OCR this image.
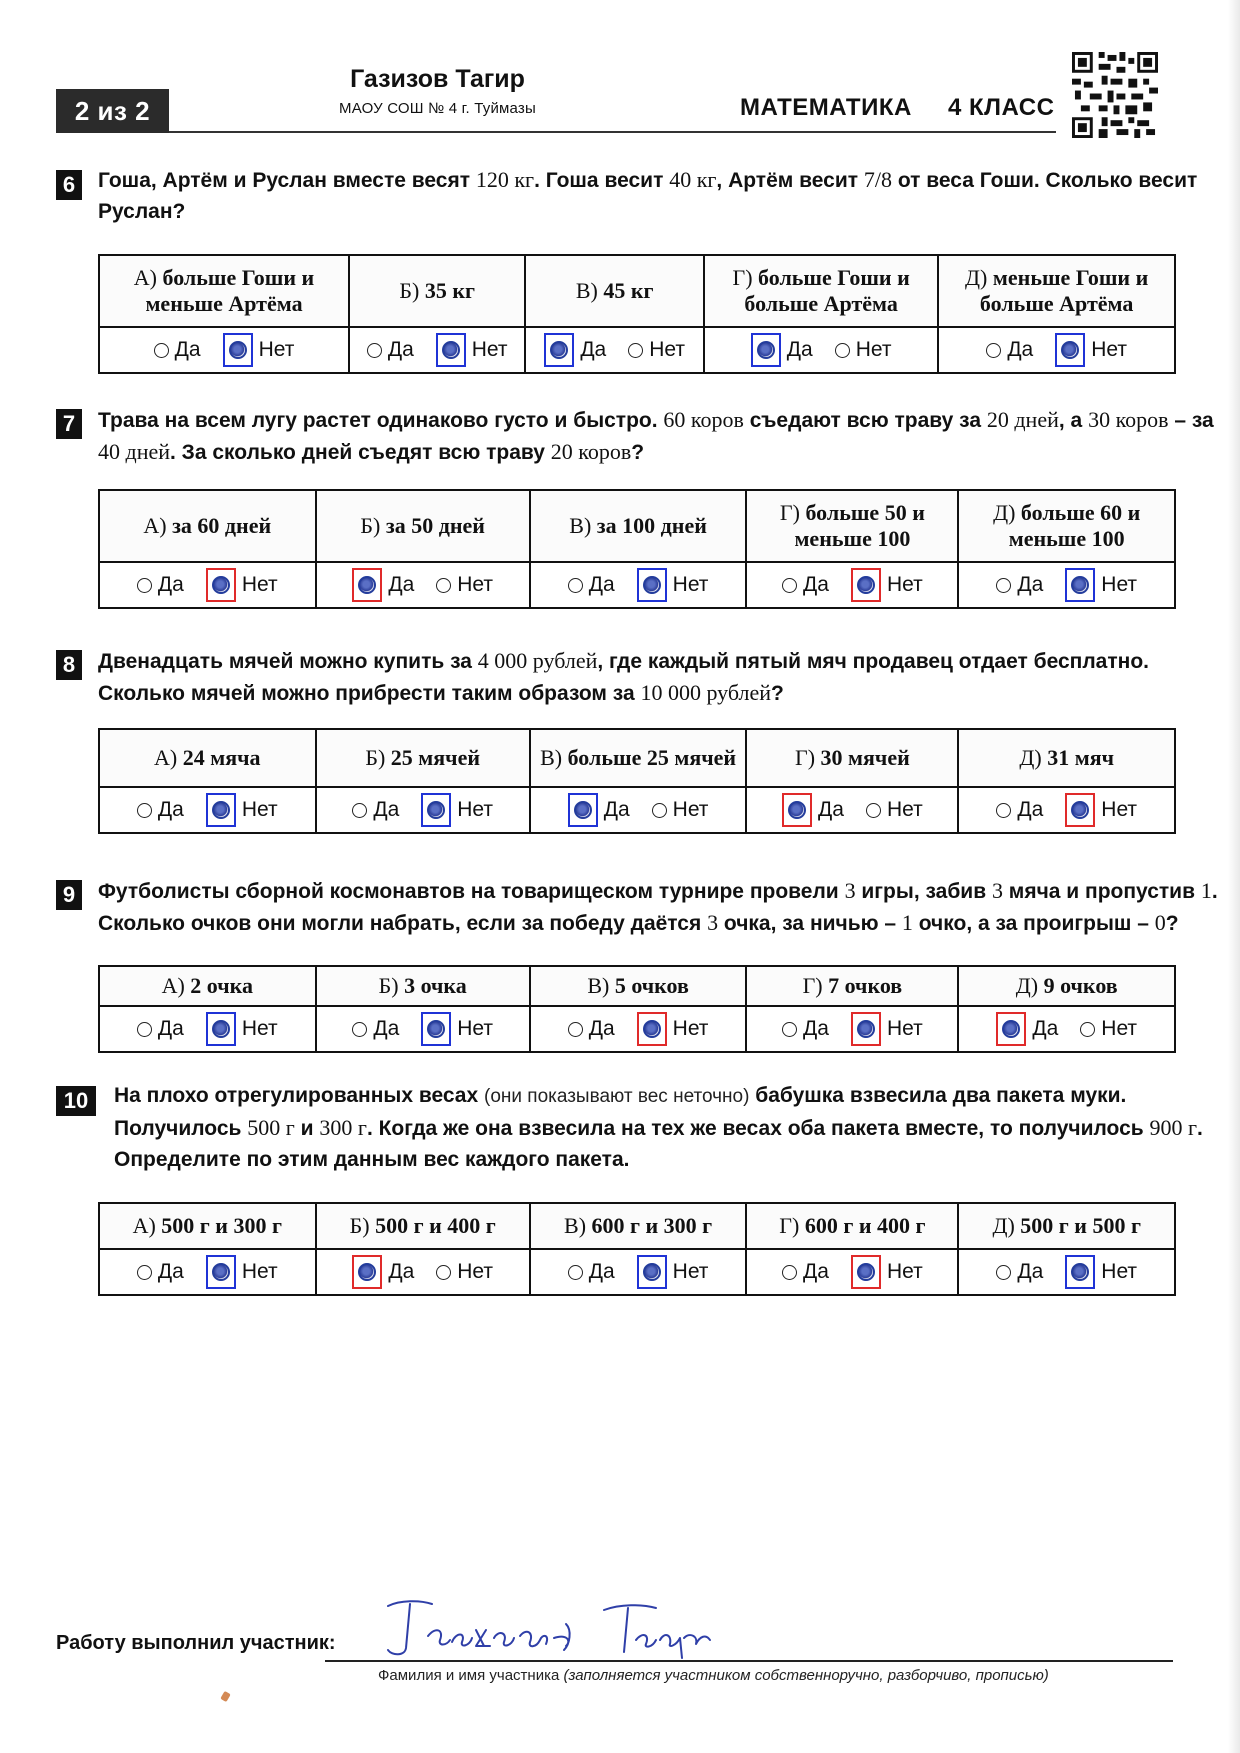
2 из 2
Газизов Тагир
МАОУ СОШ № 4 г. Туймазы	МАТЕМАТИКА 4 КЛАСС
6	Гоша, Артём и Руслан вместе весят 120 кг. Гоша весит 40 кг, Артём весит 7/8 от веса Гоши. Сколько весит Руслан?
А) больше Гоши и меньше Артёма	Б) 35 кг	В) 45 кг	Г) больше Гоши и больше Артёма	Д) меньше Гоши и больше Артёма

Да Нет	Да Нет	Да Нет	Да Нет	Да Нет
7	Трава на всем лугу растет одинаково густо и быстро. 60 коров съедают всю траву за 20 дней, а 30 коров – за 40 дней. За сколько дней съедят всю траву 20 коров?
А) за 60 дней	Б) за 50 дней	В) за 100 дней	Г) больше 50 и меньше 100	Д) больше 60 и меньше 100

Да Нет	Да Нет	Да Нет	Да Нет	Да Нет
8	Двенадцать мячей можно купить за 4 000 рублей, где каждый пятый мяч продавец отдает бесплатно. Сколько мячей можно прибрести таким образом за 10 000 рублей?
А) 24 мяча	Б) 25 мячей	В) больше 25 мячей	Г) 30 мячей	Д) 31 мяч

Да Нет	Да Нет	Да Нет	Да Нет	Да Нет
9	Футболисты сборной космонавтов на товарищеском турнире провели 3 игры, забив 3 мяча и пропустив 1. Сколько очков они могли набрать, если за победу даётся 3 очка, за ничью – 1 очко, а за проигрыш – 0?
А) 2 очка	Б) 3 очка	В) 5 очков	Г) 7 очков	Д) 9 очков

Да Нет	Да Нет	Да Нет	Да Нет	Да Нет
10	На плохо отрегулированных весах (они показывают вес неточно) бабушка взвесила два пакета муки. Получилось 500 г и 300 г. Когда же она взвесила на тех же весах оба пакета вместе, то получилось 900 г. Определите по этим данным вес каждого пакета.
А) 500 г и 300 г	Б) 500 г и 400 г	В) 600 г и 300 г	Г) 600 г и 400 г	Д) 500 г и 500 г

Да Нет	Да Нет	Да Нет	Да Нет	Да Нет
Работу выполнил участник:
Фамилия и имя участника (заполняется участником собственноручно, разборчиво, прописью)
